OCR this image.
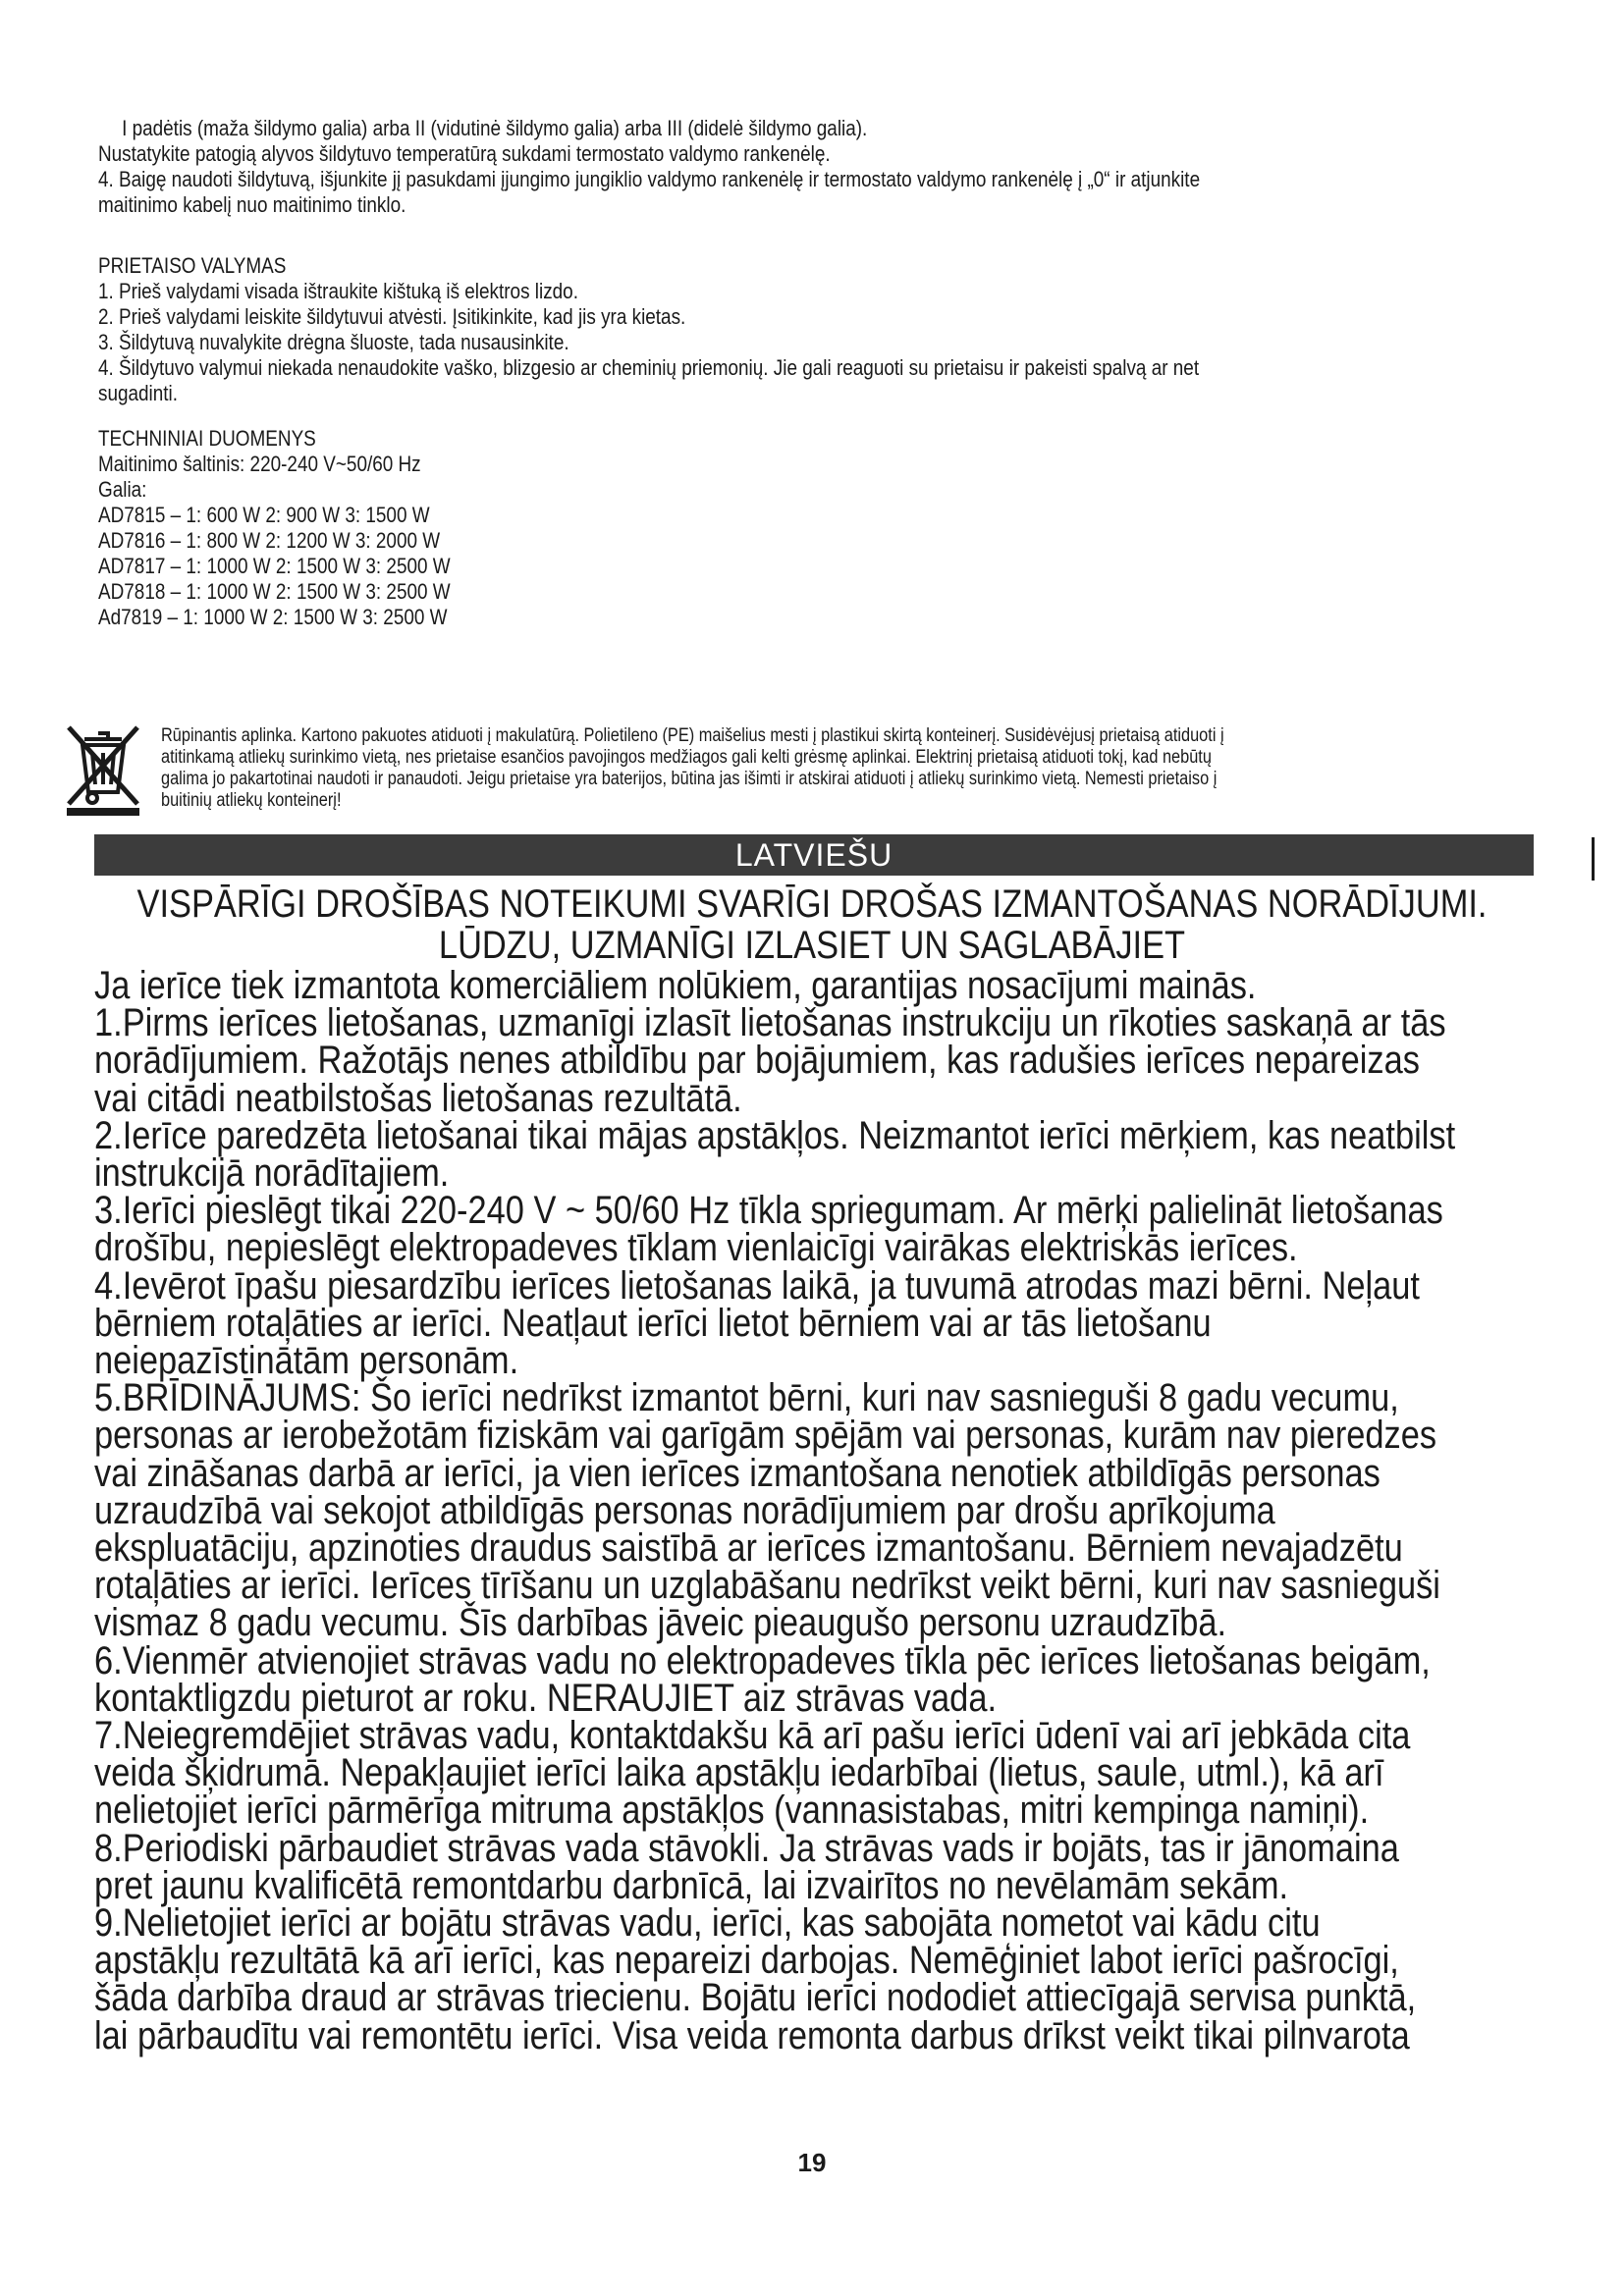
I padėtis (maža šildymo galia) arba II (vidutinė šildymo galia) arba III (didelė šildymo galia).

Nustatykite patogią alyvos šildytuvo temperatūrą sukdami termostato valdymo rankenėlę.

4. Baigę naudoti šildytuvą, išjunkite jį pasukdami įjungimo jungiklio valdymo rankenėlę ir termostato valdymo rankenėlę į „0“ ir atjunkite

maitinimo kabelį nuo maitinimo tinklo.

PRIETAISO VALYMAS

1. Prieš valydami visada ištraukite kištuką iš elektros lizdo.

2. Prieš valydami leiskite šildytuvui atvėsti. Įsitikinkite, kad jis yra kietas.

3. Šildytuvą nuvalykite drėgna šluoste, tada nusausinkite.

4. Šildytuvo valymui niekada nenaudokite vaško, blizgesio ar cheminių priemonių. Jie gali reaguoti su prietaisu ir pakeisti spalvą ar net

sugadinti.

TECHNINIAI DUOMENYS

Maitinimo šaltinis: 220-240 V~50/60 Hz

Galia:

AD7815 – 1: 600 W 2: 900 W 3: 1500 W

AD7816 – 1: 800 W 2: 1200 W 3: 2000 W

AD7817 – 1: 1000 W 2: 1500 W 3: 2500 W

AD7818 – 1: 1000 W 2: 1500 W 3: 2500 W

Ad7819 – 1: 1000 W 2: 1500 W 3: 2500 W

Rūpinantis aplinka. Kartono pakuotes atiduoti į makulatūrą. Polietileno (PE) maišelius mesti į plastikui skirtą konteinerį. Susidėvėjusį prietaisą atiduoti į
atitinkamą atliekų surinkimo vietą, nes prietaise esančios pavojingos medžiagos gali kelti grėsmę aplinkai. Elektrinį prietaisą atiduoti tokį, kad nebūtų
galima jo pakartotinai naudoti ir panaudoti. Jeigu prietaise yra baterijos, būtina jas išimti ir atskirai atiduoti į atliekų surinkimo vietą. Nemesti prietaiso į
buitinių atliekų konteinerį!
LATVIEŠU

VISPĀRĪGI DROŠĪBAS NOTEIKUMI SVARĪGI DROŠAS IZMANTOŠANAS NORĀDĪJUMI.

LŪDZU, UZMANĪGI IZLASIET UN SAGLABĀJIET

Ja ierīce tiek izmantota komerciāliem nolūkiem, garantijas nosacījumi mainās.

1.Pirms ierīces lietošanas, uzmanīgi izlasīt lietošanas instrukciju un rīkoties saskaņā ar tās

norādījumiem. Ražotājs nenes atbildību par bojājumiem, kas radušies ierīces nepareizas

vai citādi neatbilstošas lietošanas rezultātā.

2.Ierīce paredzēta lietošanai tikai mājas apstākļos. Neizmantot ierīci mērķiem, kas neatbilst

instrukcijā norādītajiem.

3.Ierīci pieslēgt tikai 220-240 V ~ 50/60 Hz tīkla spriegumam. Ar mērķi palielināt lietošanas

drošību, nepieslēgt elektropadeves tīklam vienlaicīgi vairākas elektriskās ierīces.

4.Ievērot īpašu piesardzību ierīces lietošanas laikā, ja tuvumā atrodas mazi bērni. Neļaut

bērniem rotaļāties ar ierīci. Neatļaut ierīci lietot bērniem vai ar tās lietošanu

neiepazīstinātām personām.

5.BRĪDINĀJUMS: Šo ierīci nedrīkst izmantot bērni, kuri nav sasnieguši 8 gadu vecumu,

personas ar ierobežotām fiziskām vai garīgām spējām vai personas, kurām nav pieredzes

vai zināšanas darbā ar ierīci, ja vien ierīces izmantošana nenotiek atbildīgās personas

uzraudzībā vai sekojot atbildīgās personas norādījumiem par drošu aprīkojuma

ekspluatāciju, apzinoties draudus saistībā ar ierīces izmantošanu. Bērniem nevajadzētu

rotaļāties ar ierīci. Ierīces tīrīšanu un uzglabāšanu nedrīkst veikt bērni, kuri nav sasnieguši

vismaz 8 gadu vecumu. Šīs darbības jāveic pieaugušo personu uzraudzībā.

6.Vienmēr atvienojiet strāvas vadu no elektropadeves tīkla pēc ierīces lietošanas beigām,

kontaktligzdu pieturot ar roku. NERAUJIET aiz strāvas vada.

7.Neiegremdējiet strāvas vadu, kontaktdakšu kā arī pašu ierīci ūdenī vai arī jebkāda cita

veida šķidrumā. Nepakļaujiet ierīci laika apstākļu iedarbībai (lietus, saule, utml.), kā arī

nelietojiet ierīci pārmērīga mitruma apstākļos (vannasistabas, mitri kempinga namiņi).

8.Periodiski pārbaudiet strāvas vada stāvokli. Ja strāvas vads ir bojāts, tas ir jānomaina

pret jaunu kvalificētā remontdarbu darbnīcā, lai izvairītos no nevēlamām sekām.

9.Nelietojiet ierīci ar bojātu strāvas vadu, ierīci, kas sabojāta nometot vai kādu citu

apstākļu rezultātā kā arī ierīci, kas nepareizi darbojas. Nemēģiniet labot ierīci pašrocīgi,

šāda darbība draud ar strāvas triecienu. Bojātu ierīci nododiet attiecīgajā servisa punktā,

lai pārbaudītu vai remontētu ierīci. Visa veida remonta darbus drīkst veikt tikai pilnvarota

19
